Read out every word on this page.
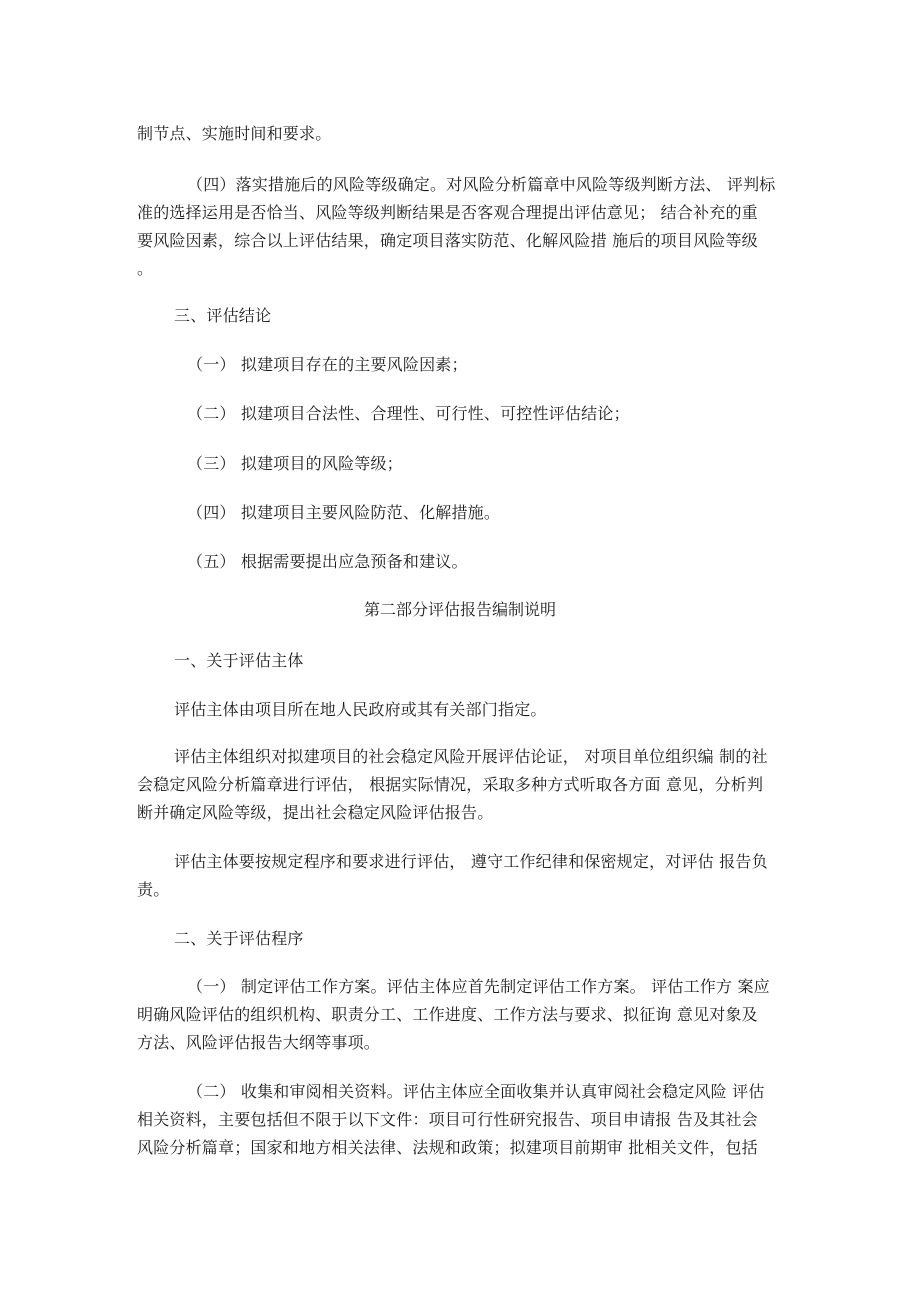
制节点、实施时间和要求。
（四）落实措施后的风险等级确定。对风险分析篇章中风险等级判断方法、 评判标
准的选择运用是否恰当、风险等级判断结果是否客观合理提出评估意见； 结合补充的重
要风险因素，综合以上评估结果，确定项目落实防范、化解风险措 施后的项目风险等级
。
三、评估结论
（一） 拟建项目存在的主要风险因素；
（二） 拟建项目合法性、合理性、可行性、可控性评估结论；
（三） 拟建项目的风险等级；
（四） 拟建项目主要风险防范、化解措施。
（五） 根据需要提出应急预备和建议。
第二部分评估报告编制说明
一、关于评估主体
评估主体由项目所在地人民政府或其有关部门指定。
评估主体组织对拟建项目的社会稳定风险开展评估论证， 对项目单位组织编 制的社
会稳定风险分析篇章进行评估， 根据实际情况，采取多种方式听取各方面 意见，分析判
断并确定风险等级，提出社会稳定风险评估报告。
评估主体要按规定程序和要求进行评估， 遵守工作纪律和保密规定，对评估 报告负
责。
二、关于评估程序
（一） 制定评估工作方案。评估主体应首先制定评估工作方案。 评估工作方 案应
明确风险评估的组织机构、职责分工、工作进度、工作方法与要求、拟征询 意见对象及
方法、风险评估报告大纲等事项。
（二） 收集和审阅相关资料。评估主体应全面收集并认真审阅社会稳定风险 评估
相关资料，主要包括但不限于以下文件：项目可行性研究报告、项目申请报 告及其社会
风险分析篇章；国家和地方相关法律、法规和政策；拟建项目前期审 批相关文件，包括
